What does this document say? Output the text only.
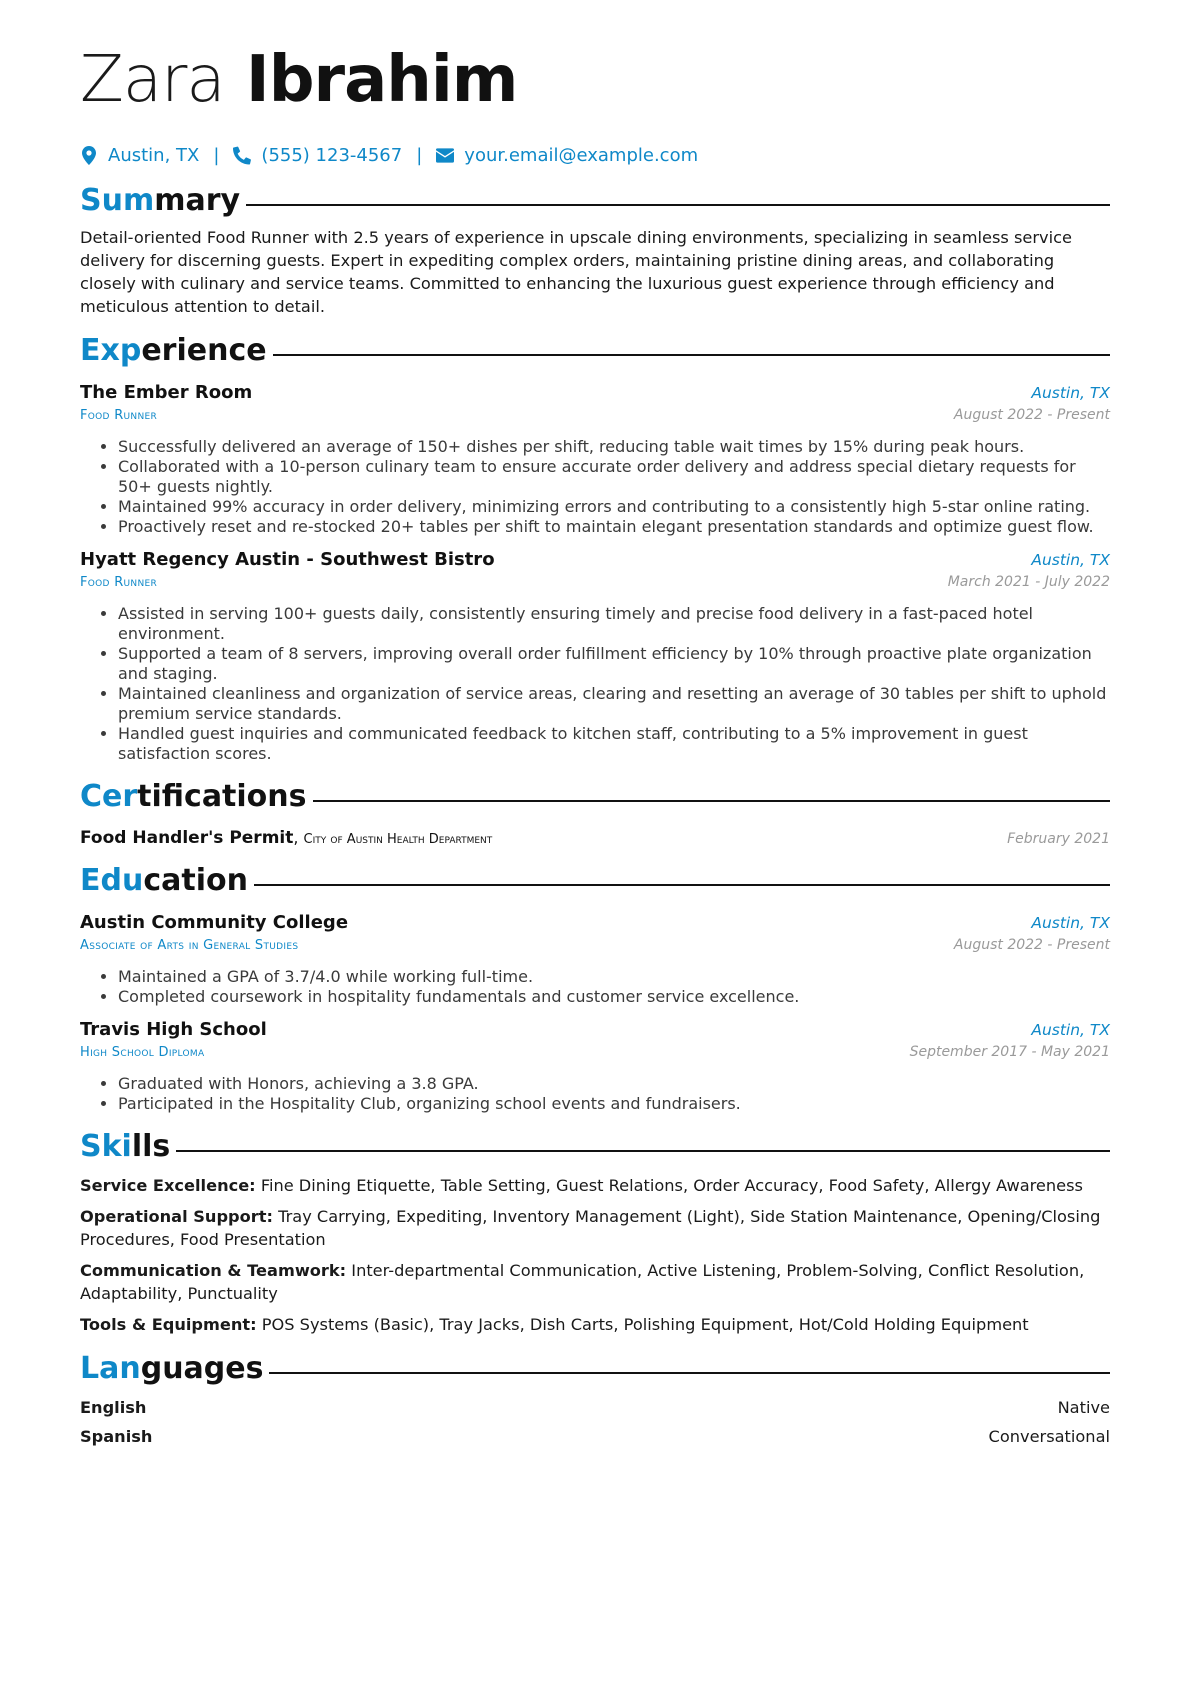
Zara Ibrahim
Austin, TX | (555) 123-4567 | your.email@example.com
Summary
Detail-oriented Food Runner with 2.5 years of experience in upscale dining environments, specializing in seamless service delivery for discerning guests. Expert in expediting complex orders, maintaining pristine dining areas, and collaborating closely with culinary and service teams. Committed to enhancing the luxurious guest experience through efficiency and meticulous attention to detail.
Experience
The Ember Room	Austin, TX
Food Runner	August 2022 - Present
• Successfully delivered an average of 150+ dishes per shift, reducing table wait times by 15% during peak hours.
• Collaborated with a 10-person culinary team to ensure accurate order delivery and address special dietary requests for 50+ guests nightly.
• Maintained 99% accuracy in order delivery, minimizing errors and contributing to a consistently high 5-star online rating.
• Proactively reset and re-stocked 20+ tables per shift to maintain elegant presentation standards and optimize guest flow.
Hyatt Regency Austin - Southwest Bistro	Austin, TX
Food Runner	March 2021 - July 2022
• Assisted in serving 100+ guests daily, consistently ensuring timely and precise food delivery in a fast-paced hotel environment.
• Supported a team of 8 servers, improving overall order fulfillment efficiency by 10% through proactive plate organization and staging.
• Maintained cleanliness and organization of service areas, clearing and resetting an average of 30 tables per shift to uphold premium service standards.
• Handled guest inquiries and communicated feedback to kitchen staff, contributing to a 5% improvement in guest satisfaction scores.
Certifications
Food Handler's Permit, City of Austin Health Department	February 2021
Education
Austin Community College	Austin, TX
Associate of Arts in General Studies	August 2022 - Present
• Maintained a GPA of 3.7/4.0 while working full-time.
• Completed coursework in hospitality fundamentals and customer service excellence.
Travis High School	Austin, TX
High School Diploma	September 2017 - May 2021
• Graduated with Honors, achieving a 3.8 GPA.
• Participated in the Hospitality Club, organizing school events and fundraisers.
Skills
Service Excellence: Fine Dining Etiquette, Table Setting, Guest Relations, Order Accuracy, Food Safety, Allergy Awareness
Operational Support: Tray Carrying, Expediting, Inventory Management (Light), Side Station Maintenance, Opening/Closing Procedures, Food Presentation
Communication & Teamwork: Inter-departmental Communication, Active Listening, Problem-Solving, Conflict Resolution, Adaptability, Punctuality
Tools & Equipment: POS Systems (Basic), Tray Jacks, Dish Carts, Polishing Equipment, Hot/Cold Holding Equipment
Languages
English	Native
Spanish	Conversational
